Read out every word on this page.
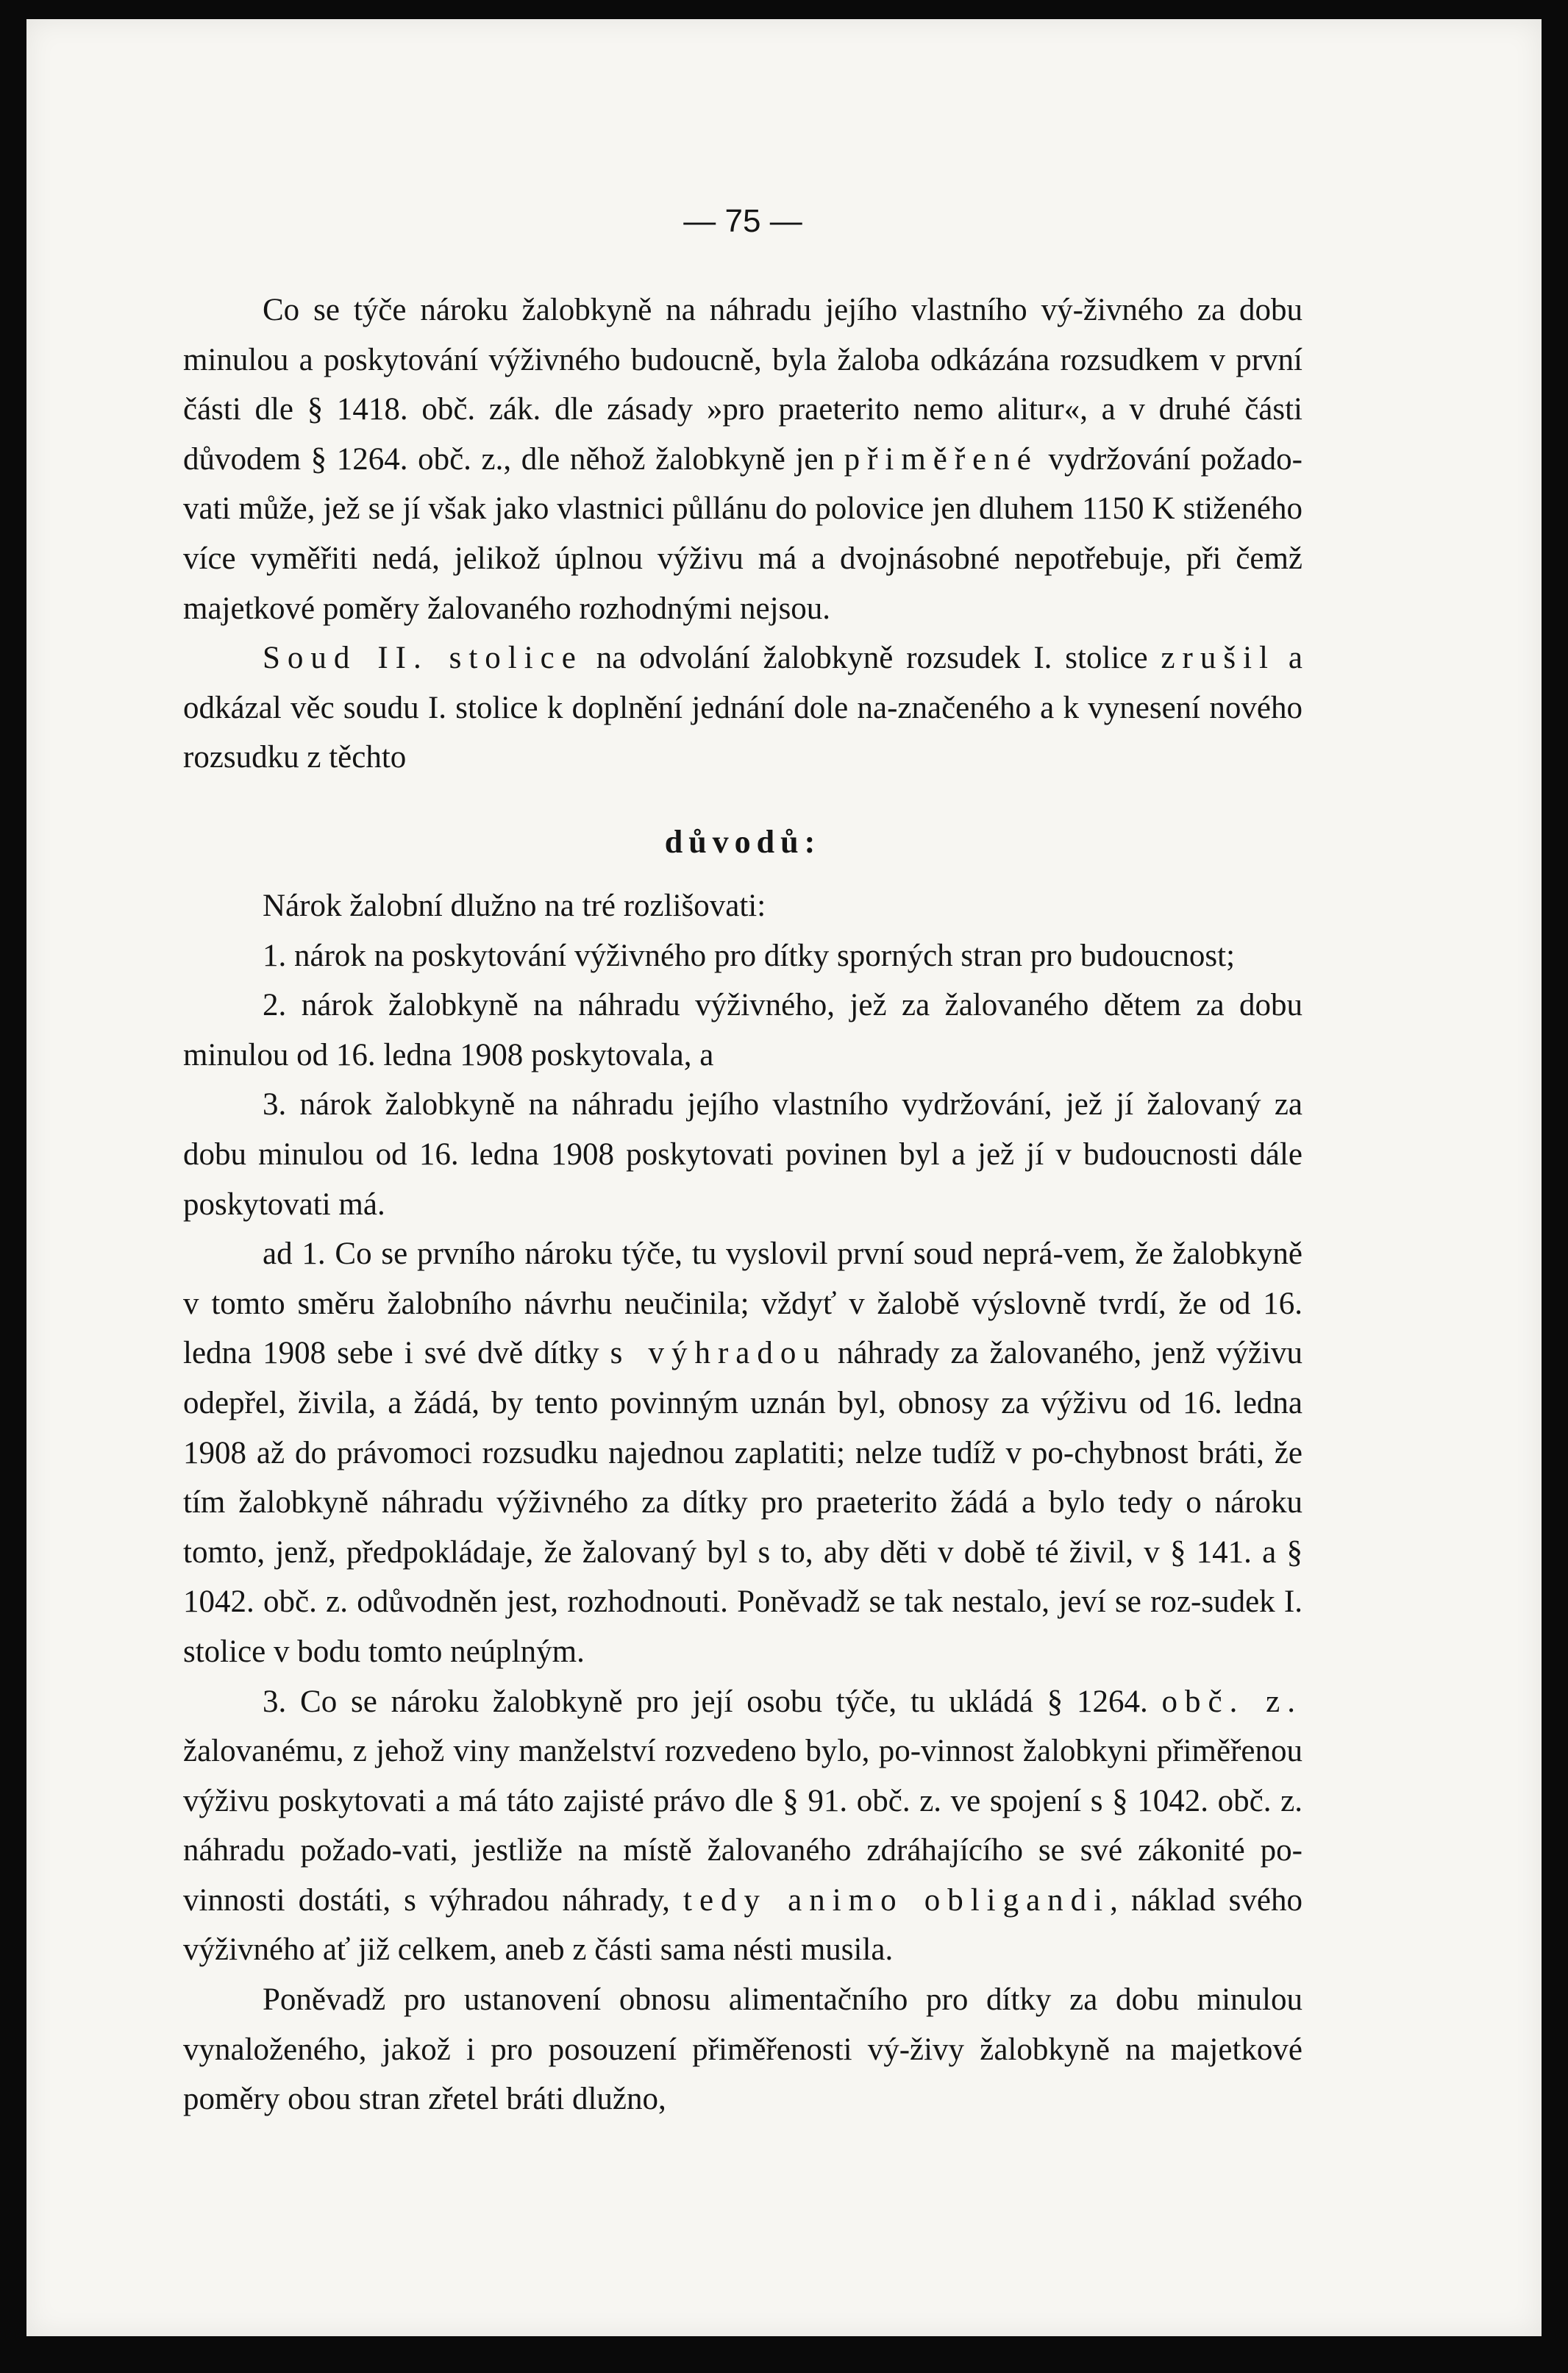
— 75 —

Co se týče nároku žalobkyně na náhradu jejího vlastního vý-živného za dobu minulou a poskytování výživného budoucně, byla žaloba odkázána rozsudkem v první části dle § 1418. obč. zák. dle zásady »pro praeterito nemo alitur«, a v druhé části důvodem § 1264. obč. z., dle něhož žalobkyně jen přiměřené vydržování požado-vati může, jež se jí však jako vlastnici půllánu do polovice jen dluhem 1150 K stiženého více vyměřiti nedá, jelikož úplnou výživu má a dvojnásobné nepotřebuje, při čemž majetkové poměry žalovaného rozhodnými nejsou.

Soud II. stolice na odvolání žalobkyně rozsudek I. stolice zrušil a odkázal věc soudu I. stolice k doplnění jednání dole na-značeného a k vynesení nového rozsudku z těchto

důvodů:

Nárok žalobní dlužno na tré rozlišovati:

1. nárok na poskytování výživného pro dítky sporných stran pro budoucnost;

2. nárok žalobkyně na náhradu výživného, jež za žalovaného dětem za dobu minulou od 16. ledna 1908 poskytovala, a

3. nárok žalobkyně na náhradu jejího vlastního vydržování, jež jí žalovaný za dobu minulou od 16. ledna 1908 poskytovati povinen byl a jež jí v budoucnosti dále poskytovati má.

ad 1. Co se prvního nároku týče, tu vyslovil první soud neprá-vem, že žalobkyně v tomto směru žalobního návrhu neučinila; vždyť v žalobě výslovně tvrdí, že od 16. ledna 1908 sebe i své dvě dítky s výhradou náhrady za žalovaného, jenž výživu odepřel, živila, a žádá, by tento povinným uznán byl, obnosy za výživu od 16. ledna 1908 až do právomoci rozsudku najednou zaplatiti; nelze tudíž v po-chybnost bráti, že tím žalobkyně náhradu výživného za dítky pro praeterito žádá a bylo tedy o nároku tomto, jenž, předpokládaje, že žalovaný byl s to, aby děti v době té živil, v § 141. a § 1042. obč. z. odůvodněn jest, rozhodnouti. Poněvadž se tak nestalo, jeví se roz-sudek I. stolice v bodu tomto neúplným.

3. Co se nároku žalobkyně pro její osobu týče, tu ukládá § 1264. obč. z. žalovanému, z jehož viny manželství rozvedeno bylo, po-vinnost žalobkyni přiměřenou výživu poskytovati a má táto zajisté právo dle § 91. obč. z. ve spojení s § 1042. obč. z. náhradu požado-vati, jestliže na místě žalovaného zdráhajícího se své zákonité po-vinnosti dostáti, s výhradou náhrady, tedy animo obligandi, náklad svého výživného ať již celkem, aneb z části sama nésti musila.

Poněvadž pro ustanovení obnosu alimentačního pro dítky za dobu minulou vynaloženého, jakož i pro posouzení přiměřenosti vý-živy žalobkyně na majetkové poměry obou stran zřetel bráti dlužno,
